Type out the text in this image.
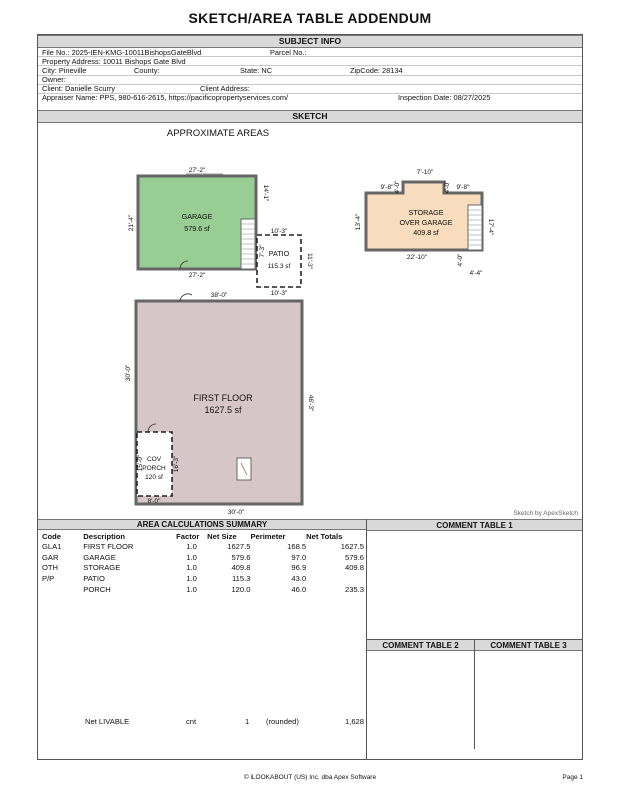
SKETCH/AREA TABLE ADDENDUM
SUBJECT INFO
File No.: 2025-IEN-KMG-10011BishopsGateBlvd	Parcel No.:
Property Address: 10011 Bishops Gate Blvd
City: Pineville	County:	State: NC	ZipCode: 28134
Owner:
Client: Danielle Scurry	Client Address:
Appraiser Name: PPS, 980-616-2615, https://pacificopropertyservices.com/	Inspection Date: 08/27/2025
SKETCH
APPROXIMATE AREAS
GARAGE
579.6 sf
27'-2"
27'-2"
21'-4"
14'-1"
PATIO
115.3 sf
10'-3"
10'-3"
7'-3"
11'-3"
FIRST FLOOR
1627.5 sf
38'-0"
30'-0"
46'-3"
30'-0"
COV
PORCH
120 sf
15'-0"	16'-3"
8'-0"
STORAGE
OVER GARAGE
409.8 sf
7'-10"
9'-8"	9'-8"
4'-0"	4'-0"
13'-4"
22'-10"
17'-4"
4'-0"
4'-4"
Sketch by ApexSketch
AREA CALCULATIONS SUMMARY
Code	Description	Factor	Net Size	Perimeter	Net Totals
GLA1	FIRST FLOOR	1.0	1627.5	168.5	1627.5
GAR	GARAGE	1.0	579.6	97.0	579.6
OTH	STORAGE	1.0	409.8	96.9	409.8
P/P	PATIO	1.0	115.3	43.0	
	PORCH	1.0	120.0	46.0	235.3
Net LIVABLE	cnt	1 (rounded)	1,628
COMMENT TABLE 1
COMMENT TABLE 2	COMMENT TABLE 3
© iLOOKABOUT (US) Inc. dba Apex Software	Page 1
